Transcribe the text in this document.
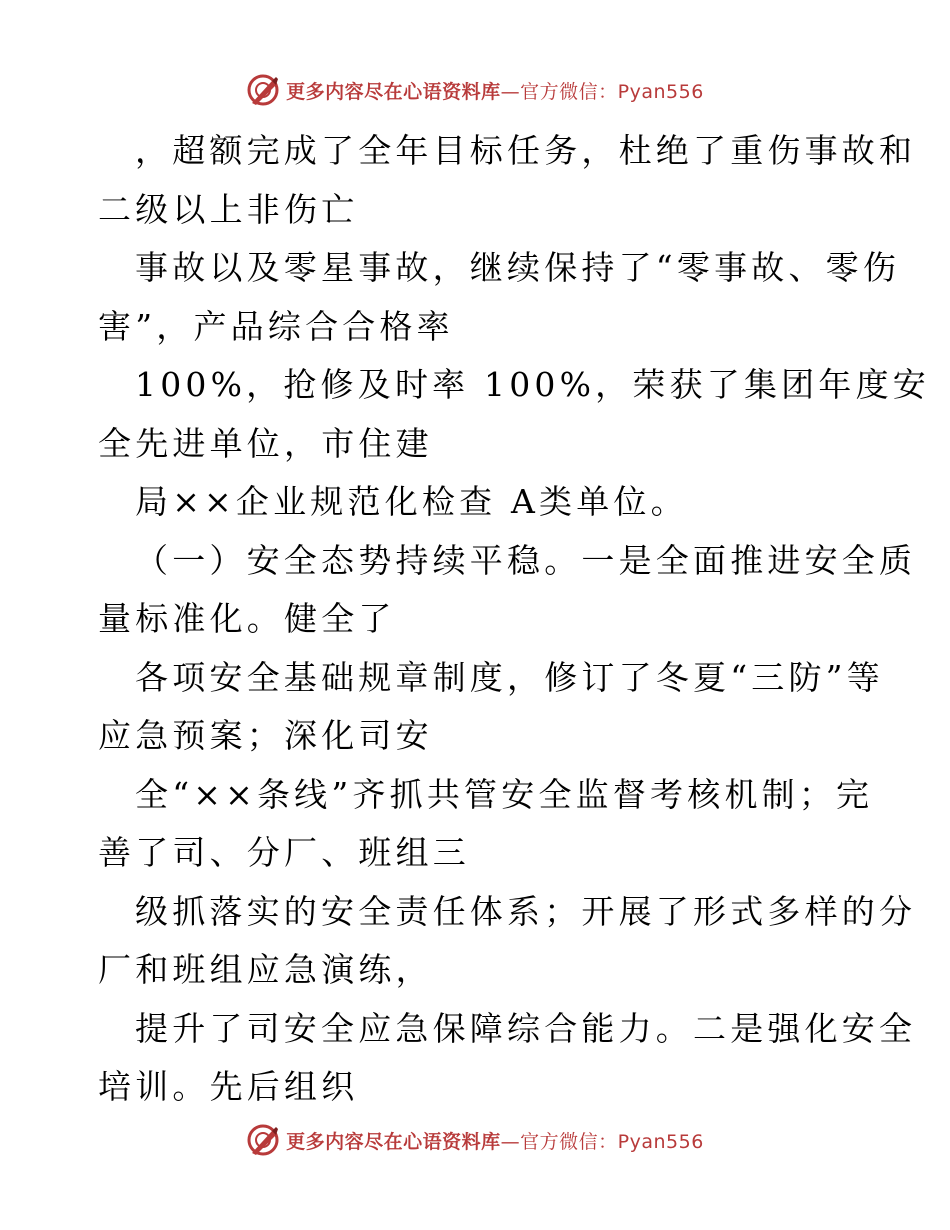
更多内容尽在心语资料库—官方微信：Pyan556
，超额完成了全年目标任务，杜绝了重伤事故和
二级以上非伤亡
事故以及零星事故，继续保持了“零事故、零伤
害”，产品综合合格率
100%，抢修及时率 100%，荣获了集团年度安
全先进单位，市住建
局××企业规范化检查 A类单位。
（一）安全态势持续平稳。一是全面推进安全质
量标准化。健全了
各项安全基础规章制度，修订了冬夏“三防”等
应急预案；深化司安
全“××条线”齐抓共管安全监督考核机制；完
善了司、分厂、班组三
级抓落实的安全责任体系；开展了形式多样的分
厂和班组应急演练，
提升了司安全应急保障综合能力。二是强化安全
培训。先后组织
更多内容尽在心语资料库—官方微信：Pyan556
